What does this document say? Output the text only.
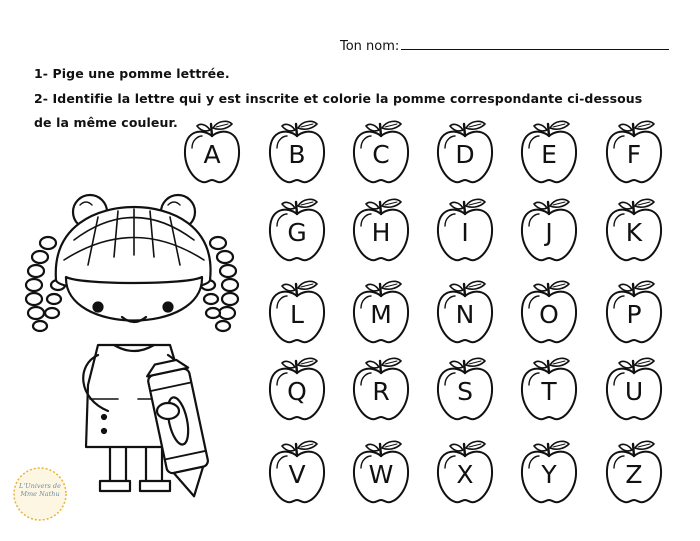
Ton nom:
1- Pige une pomme lettrée.
2- Identifie la lettre qui y est inscrite et colorie la pomme correspondante ci-dessous
de la même couleur.
A	B	C	D	E	F
G	H	I	J	K
L	M	N	O	P
Q	R	S	T	U
V	W	X	Y	Z
L'Univers de Mme Nathu
